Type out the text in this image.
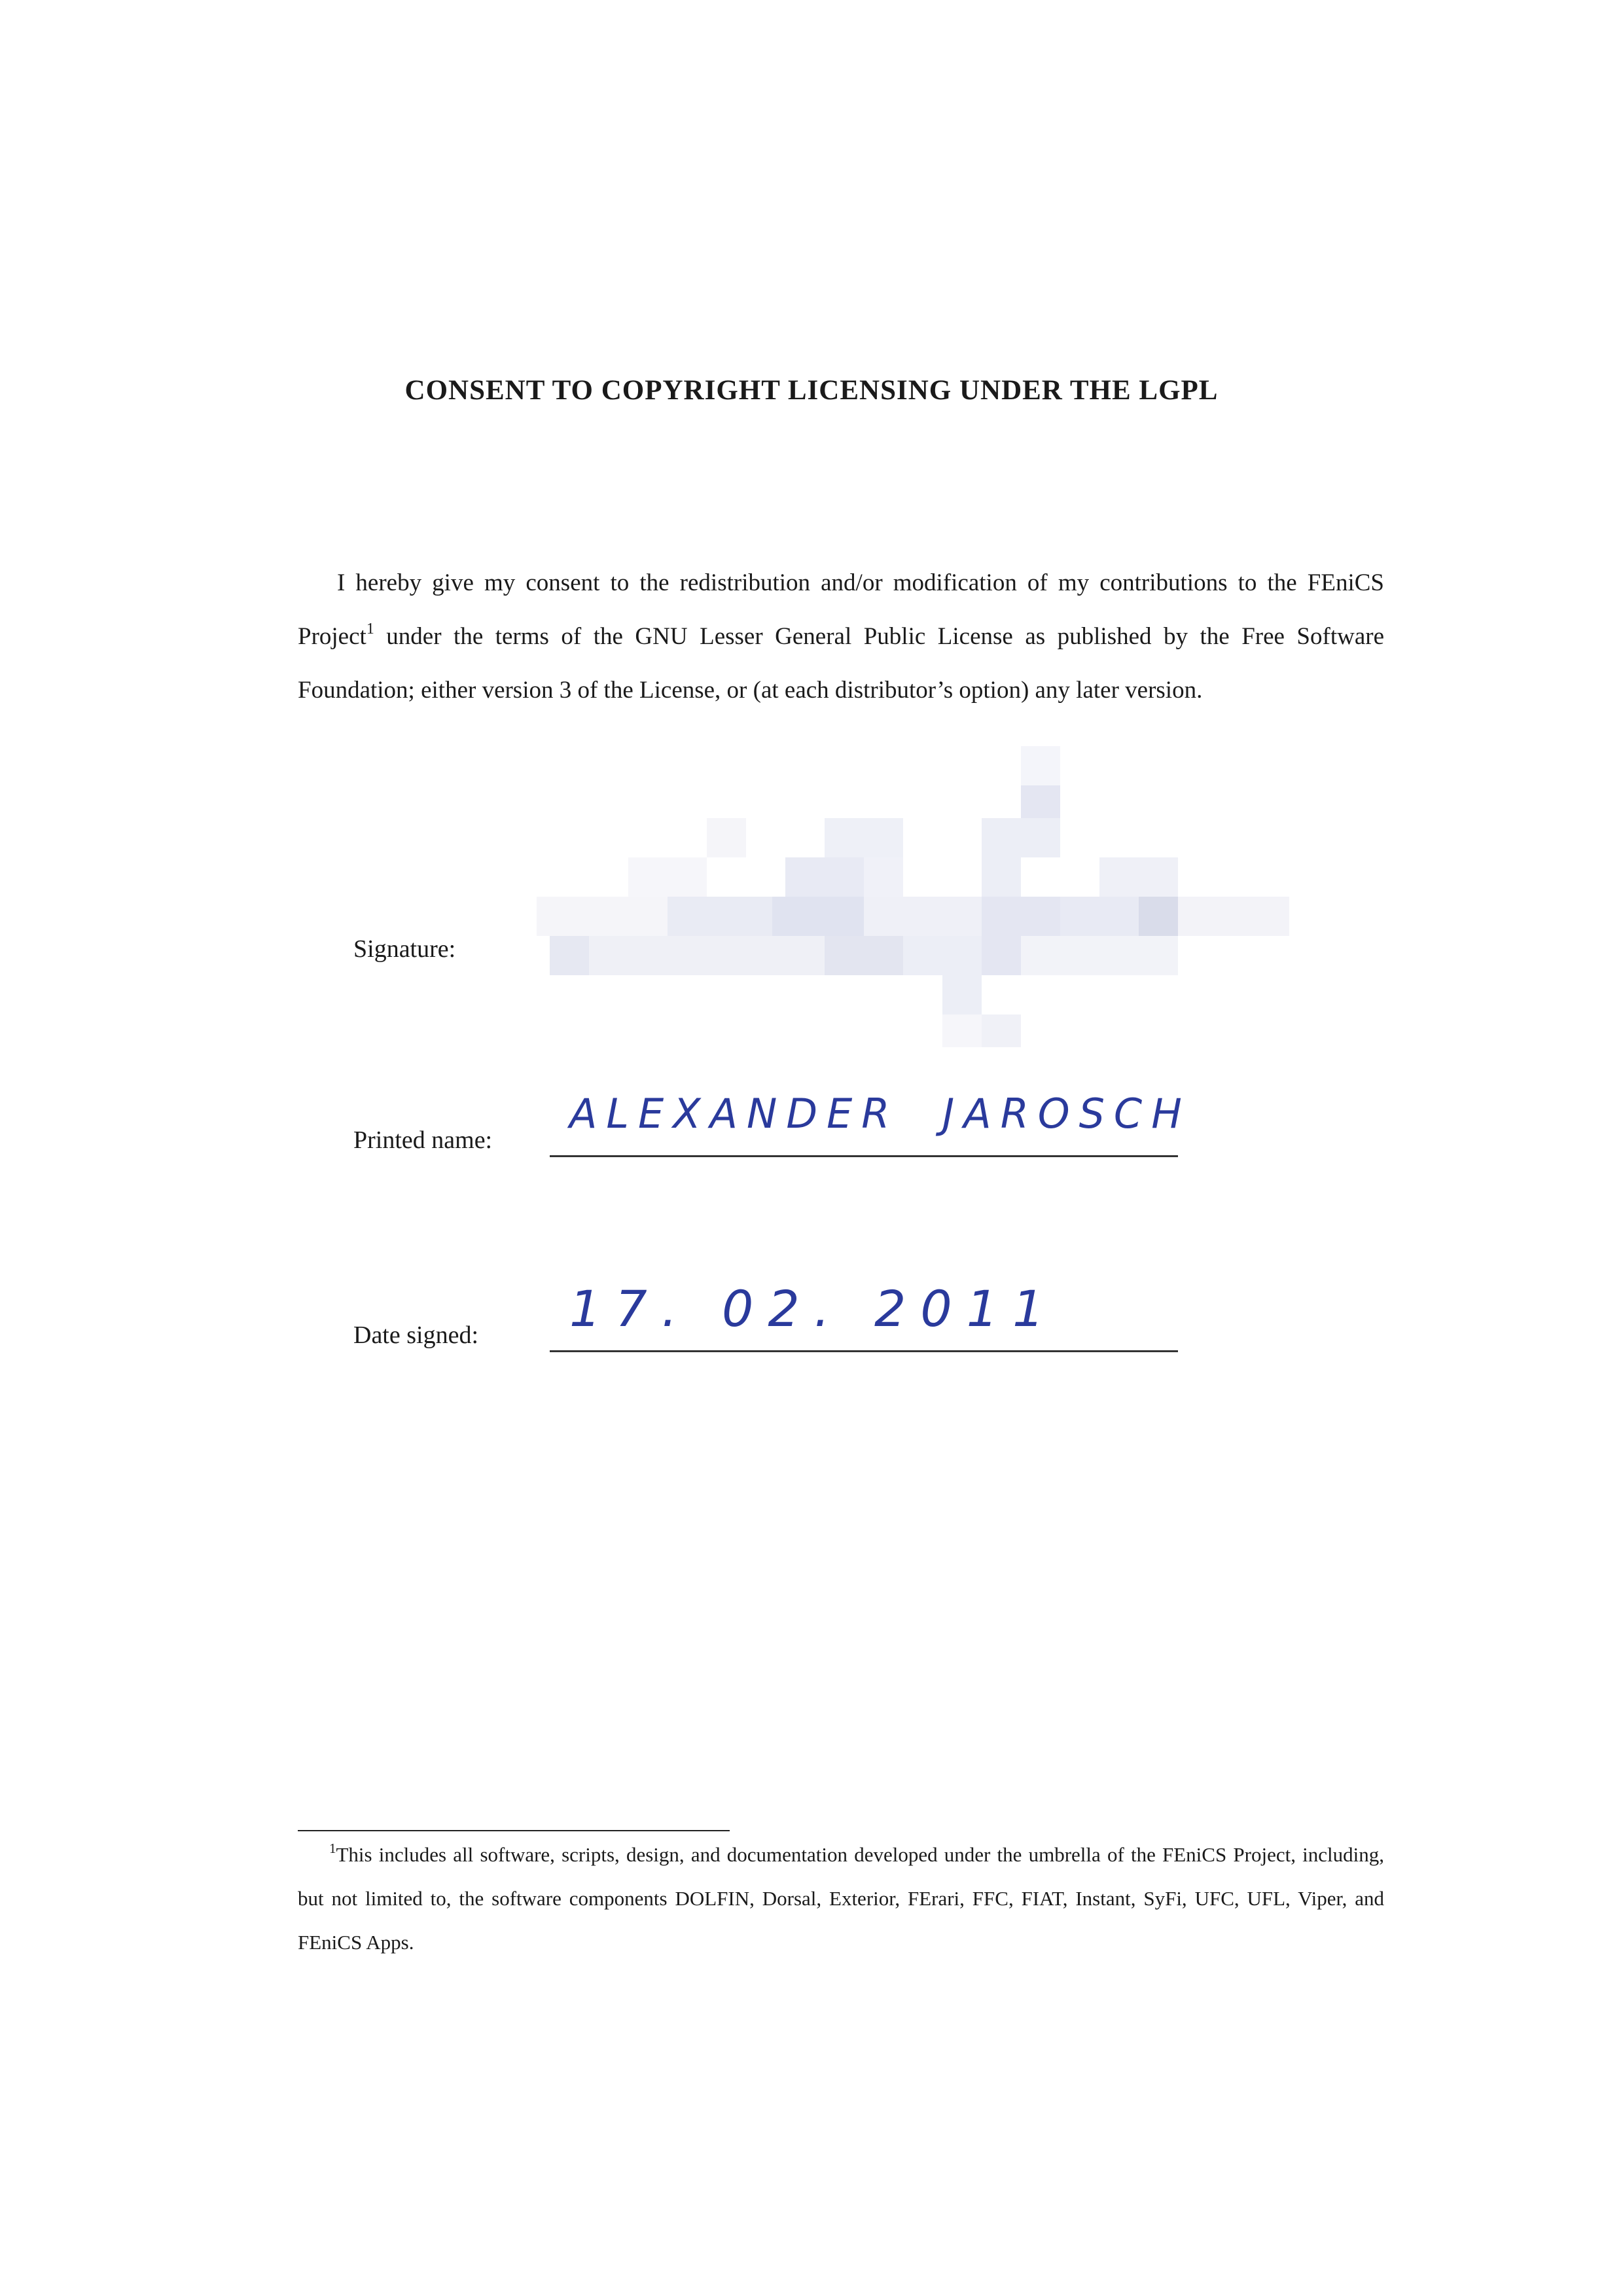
CONSENT TO COPYRIGHT LICENSING UNDER THE LGPL
I hereby give my consent to the redistribution and/or modification of my contributions to the FEniCS Project$^1$ under the terms of the GNU Lesser General Public License as published by the Free Software Foundation; either version 3 of the License, or (at each distributor’s option) any later version.
Signature:
Printed name:
ALEXANDER JAROSCH
Date signed: 17. 02. 2011
$^1$This includes all software, scripts, design, and documentation developed under the umbrella of the FEniCS Project, including, but not limited to, the software components DOLFIN, Dorsal, Exterior, FErari, FFC, FIAT, Instant, SyFi, UFC, UFL, Viper, and FEniCS Apps.
